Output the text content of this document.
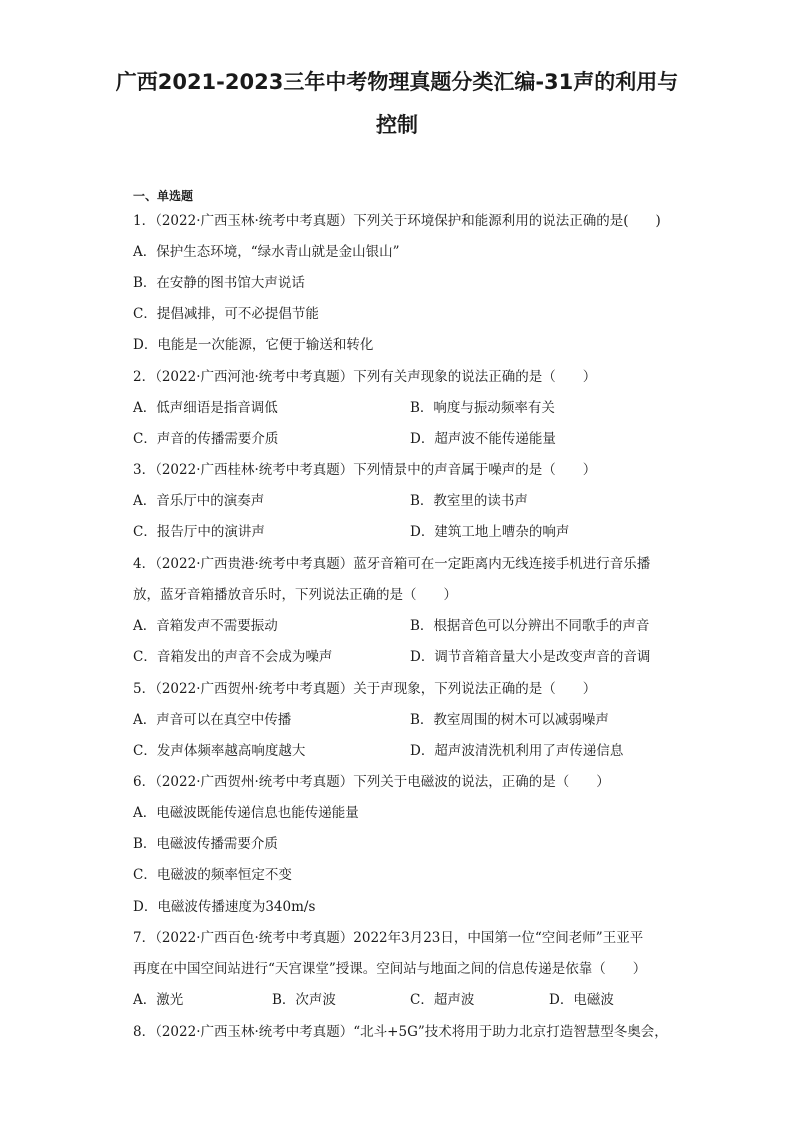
广西2021-2023三年中考物理真题分类汇编-31声的利用与
控制
一、单选题
1．（2022·广西玉林·统考中考真题）下列关于环境保护和能源利用的说法正确的是(　　)
A．保护生态环境，“绿水青山就是金山银山”
B．在安静的图书馆大声说话
C．提倡减排，可不必提倡节能
D．电能是一次能源，它便于输送和转化
2．（2022·广西河池·统考中考真题）下列有关声现象的说法正确的是（　　）
A．低声细语是指音调低	B．响度与振动频率有关
C．声音的传播需要介质	D．超声波不能传递能量
3．（2022·广西桂林·统考中考真题）下列情景中的声音属于噪声的是（　　）
A．音乐厅中的演奏声	B．教室里的读书声
C．报告厅中的演讲声	D．建筑工地上嘈杂的响声
4．（2022·广西贵港·统考中考真题）蓝牙音箱可在一定距离内无线连接手机进行音乐播
放，蓝牙音箱播放音乐时，下列说法正确的是（　　）
A．音箱发声不需要振动	B．根据音色可以分辨出不同歌手的声音
C．音箱发出的声音不会成为噪声	D．调节音箱音量大小是改变声音的音调
5．（2022·广西贺州·统考中考真题）关于声现象，下列说法正确的是（　　）
A．声音可以在真空中传播	B．教室周围的树木可以减弱噪声
C．发声体频率越高响度越大	D．超声波清洗机利用了声传递信息
6．（2022·广西贺州·统考中考真题）下列关于电磁波的说法，正确的是（　　）
A．电磁波既能传递信息也能传递能量
B．电磁波传播需要介质
C．电磁波的频率恒定不变
D．电磁波传播速度为340m/s
7．（2022·广西百色·统考中考真题）2022年3月23日，中国第一位“空间老师”王亚平
再度在中国空间站进行“天宫课堂”授课。空间站与地面之间的信息传递是依靠（　　）
A．激光	B．次声波	C．超声波	D．电磁波
8．（2022·广西玉林·统考中考真题）“北斗+5G”技术将用于助力北京打造智慧型冬奥会，
